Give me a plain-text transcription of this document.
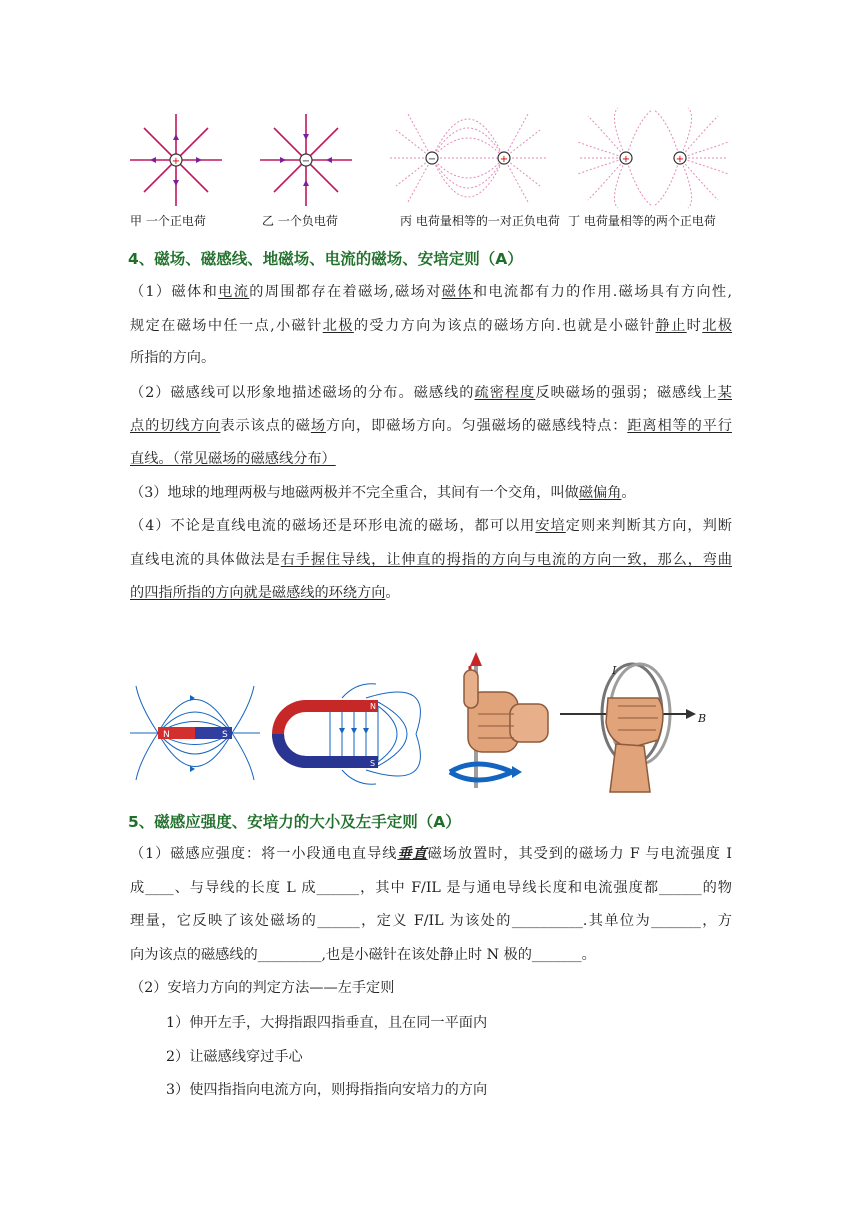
+	−	−	+	+	+
甲 一个正电荷	乙 一个负电荷	丙 电荷量相等的一对正负电荷 丁 电荷量相等的两个正电荷
4、磁场、磁感线、地磁场、电流的磁场、安培定则（A）
（1）磁体和电流的周围都存在着磁场,磁场对磁体和电流都有力的作用.磁场具有方向性,
规定在磁场中任一点,小磁针北极的受力方向为该点的磁场方向.也就是小磁针静止时北极
所指的方向。
（2）磁感线可以形象地描述磁场的分布。磁感线的疏密程度反映磁场的强弱；磁感线上某
点的切线方向表示该点的磁场方向，即磁场方向。匀强磁场的磁感线特点：距离相等的平行
直线。（常见磁场的磁感线分布）
（3）地球的地理两极与地磁两极并不完全重合，其间有一个交角，叫做磁偏角。
（4）不论是直线电流的磁场还是环形电流的磁场，都可以用安培定则来判断其方向，判断
直线电流的具体做法是右手握住导线，让伸直的拇指的方向与电流的方向一致，那么，弯曲
的四指所指的方向就是磁感线的环绕方向。
N	S
N
S
B
I
5、磁感应强度、安培力的大小及左手定则（A）
（1）磁感应强度：将一小段通电直导线垂直磁场放置时，其受到的磁场力 F 与电流强度 I
成____、与导线的长度 L 成______，其中 F/IL 是与通电导线长度和电流强度都______的物
理量，它反映了该处磁场的______，定义 F/IL 为该处的__________.其单位为_______，方
向为该点的磁感线的_________,也是小磁针在该处静止时 N 极的_______。
（2）安培力方向的判定方法——左手定则
1）伸开左手，大拇指跟四指垂直，且在同一平面内
2）让磁感线穿过手心
3）使四指指向电流方向，则拇指指向安培力的方向
